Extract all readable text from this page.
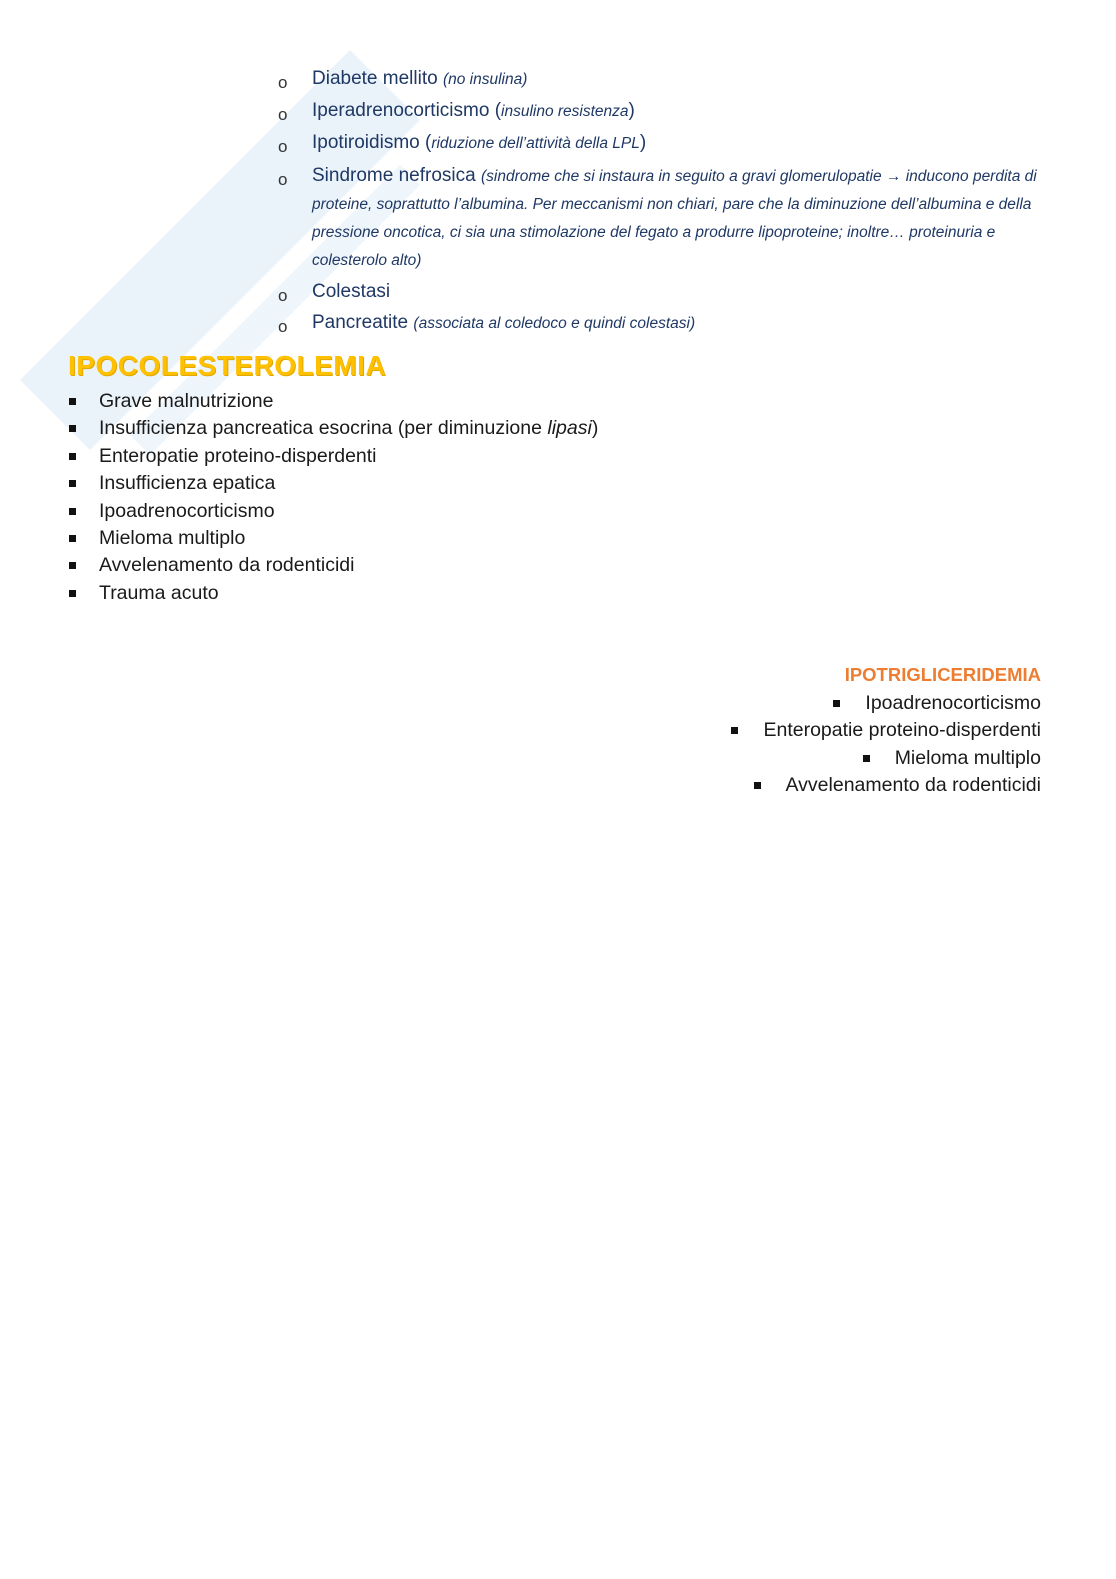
o Diabete mellito (no insulina)
o Iperadrenocorticismo (insulino resistenza)
o Ipotiroidismo (riduzione dell’attività della LPL)
o Sindrome nefrosica (sindrome che si instaura in seguito a gravi glomerulopatie → inducono perdita di proteine, soprattutto l’albumina. Per meccanismi non chiari, pare che la diminuzione dell’albumina e della pressione oncotica, ci sia una stimolazione del fegato a produrre lipoproteine; inoltre… proteinuria e colesterolo alto)
o Colestasi
o Pancreatite (associata al coledoco e quindi colestasi)
IPOCOLESTEROLEMIA
Grave malnutrizione
Insufficienza pancreatica esocrina (per diminuzione lipasi)
Enteropatie proteino-disperdenti
Insufficienza epatica
Ipoadrenocorticismo
Mieloma multiplo
Avvelenamento da rodenticidi
Trauma acuto
IPOTRIGLICERIDEMIA
Ipoadrenocorticismo
Enteropatie proteino-disperdenti
Mieloma multiplo
Avvelenamento da rodenticidi
